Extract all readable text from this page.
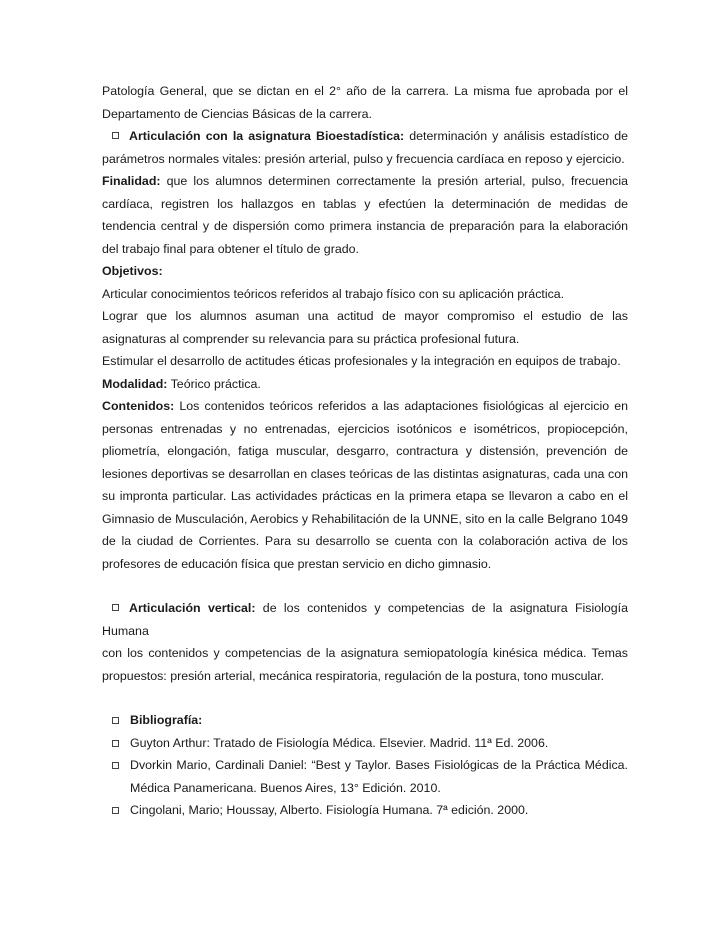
Patología General, que se dictan en el 2° año de la carrera. La misma fue aprobada por el

Departamento de Ciencias Básicas de la carrera.

Articulación con la asignatura Bioestadística: determinación y análisis estadístico de

parámetros normales vitales: presión arterial, pulso y frecuencia cardíaca en reposo y ejercicio.

Finalidad: que los alumnos determinen correctamente la presión arterial, pulso, frecuencia cardíaca, registren los hallazgos en tablas y efectúen la determinación de medidas de tendencia central y de dispersión como primera instancia de preparación para la elaboración del trabajo final para obtener el título de grado.

Objetivos:

Articular conocimientos teóricos referidos al trabajo físico con su aplicación práctica.

Lograr que los alumnos asuman una actitud de mayor compromiso el estudio de las asignaturas al comprender su relevancia para su práctica profesional futura.

Estimular el desarrollo de actitudes éticas profesionales y la integración en equipos de trabajo.

Modalidad: Teórico práctica.

Contenidos: Los contenidos teóricos referidos a las adaptaciones fisiológicas al ejercicio en personas entrenadas y no entrenadas, ejercicios isotónicos e isométricos, propiocepción, pliometría, elongación, fatiga muscular, desgarro, contractura y distensión, prevención de lesiones deportivas se desarrollan en clases teóricas de las distintas asignaturas, cada una con su impronta particular. Las actividades prácticas en la primera etapa se llevaron a cabo en el Gimnasio de Musculación, Aerobics y Rehabilitación de la UNNE, sito en la calle Belgrano 1049 de la ciudad de Corrientes. Para su desarrollo se cuenta con la colaboración activa de los profesores de educación física que prestan servicio en dicho gimnasio.

Articulación vertical: de los contenidos y competencias de la asignatura Fisiología Humana

con los contenidos y competencias de la asignatura semiopatología kinésica médica. Temas propuestos: presión arterial, mecánica respiratoria, regulación de la postura, tono muscular.

Bibliografía:

Guyton Arthur: Tratado de Fisiología Médica. Elsevier. Madrid. 11ª Ed. 2006.

Dvorkin Mario, Cardinali Daniel: “Best y Taylor. Bases Fisiológicas de la Práctica Médica. Médica Panamericana. Buenos Aires, 13° Edición. 2010.

Cingolani, Mario; Houssay, Alberto. Fisiología Humana. 7ª edición. 2000.
